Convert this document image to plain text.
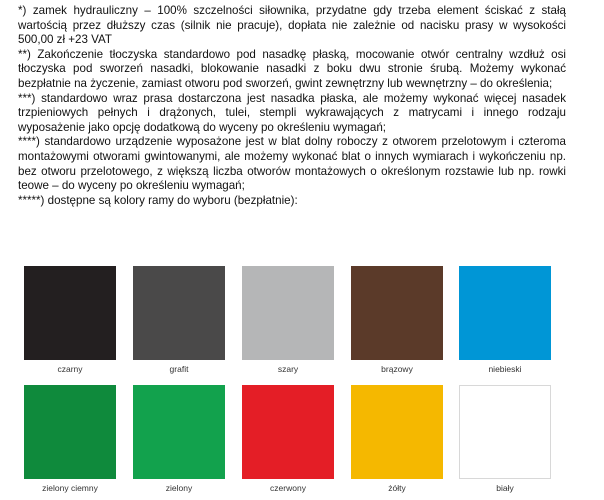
*) zamek hydrauliczny – 100% szczelności siłownika, przydatne gdy trzeba element ściskać z stałą wartością przez dłuższy czas (silnik nie pracuje), dopłata nie zależnie od nacisku prasy w wysokości 500,00 zł +23 VAT

**) Zakończenie tłoczyska standardowo pod nasadkę płaską, mocowanie otwór centralny wzdłuż osi tłoczyska pod sworzeń nasadki, blokowanie nasadki z boku dwu stronie śrubą. Możemy wykonać bezpłatnie na życzenie, zamiast otworu pod sworzeń, gwint zewnętrzny lub wewnętrzny – do określenia;

***) standardowo wraz prasa dostarczona jest nasadka płaska, ale możemy wykonać więcej nasadek trzpieniowych pełnych i drążonych, tulei, stempli wykrawających z matrycami i innego rodzaju wyposażenie jako opcję dodatkową do wyceny po określeniu wymagań;

****) standardowo urządzenie wyposażone jest w blat dolny roboczy z otworem przelotowym i czteroma montażowymi otworami gwintowanymi, ale możemy wykonać blat o innych wymiarach i wykończeniu np. bez otworu przelotowego, z większą liczba otworów montażowych o określonym rozstawie lub np. rowki teowe – do wyceny po określeniu wymagań;

*****) dostępne są kolory ramy do wyboru (bezpłatnie):

czarny	grafit	szary	brązowy	niebieski
zielony ciemny	zielony	czerwony	żółty	biały
